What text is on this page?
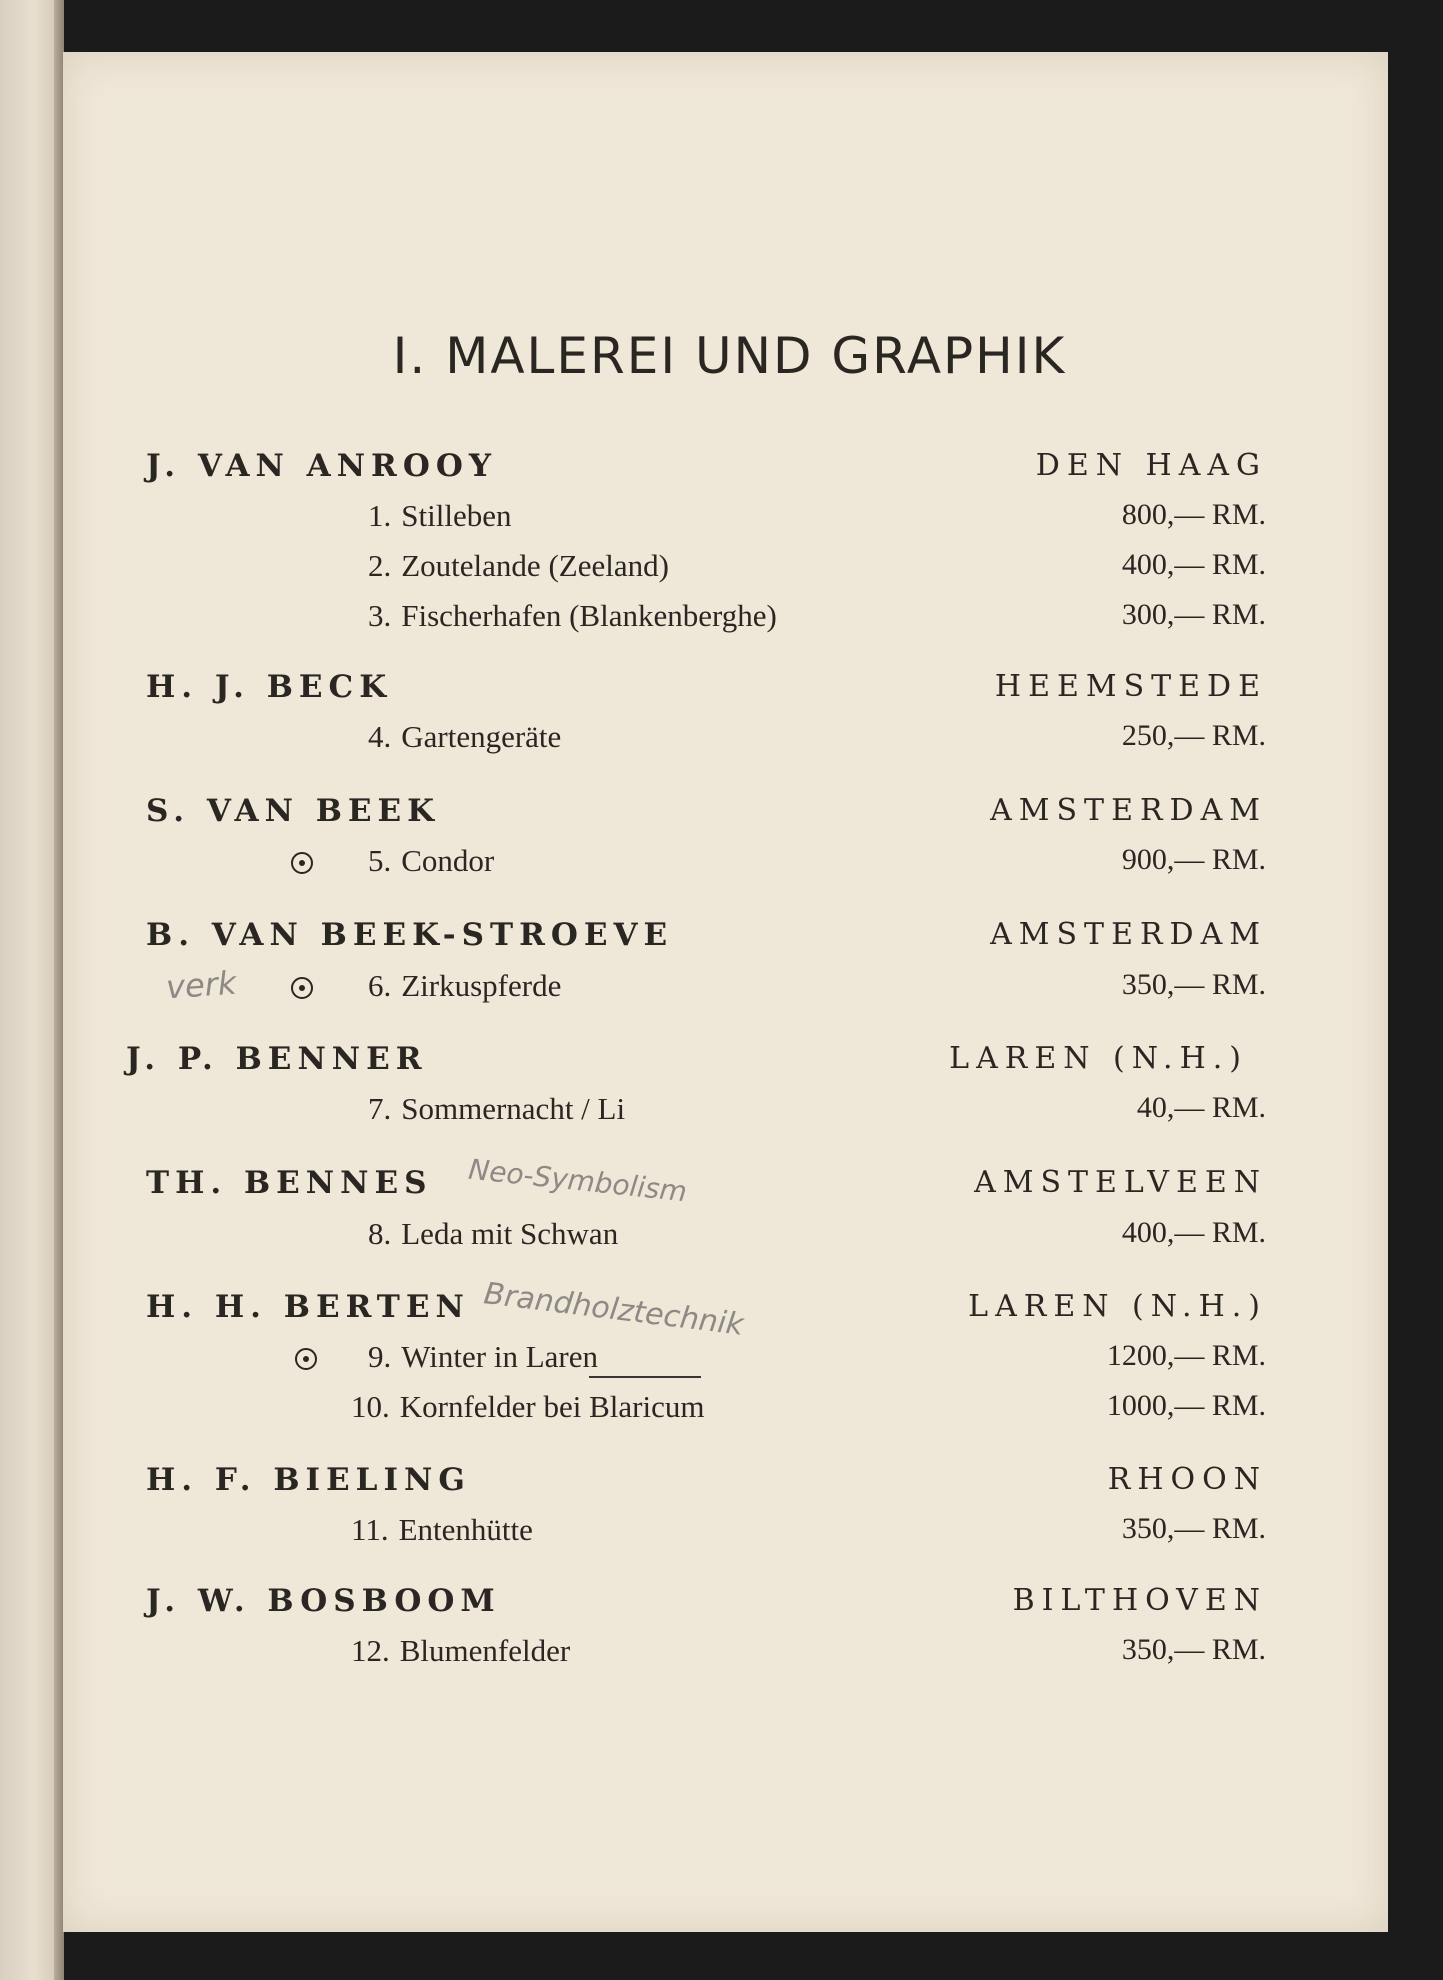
I. MALEREI UND GRAPHIK
J. VAN ANROOY	DEN HAAG
1. Stilleben	800,— RM.
2. Zoutelande (Zeeland)	400,— RM.
3. Fischerhafen (Blankenberghe)	300,— RM.
H. J. BECK	HEEMSTEDE
4. Gartengeräte	250,— RM.
S. VAN BEEK	AMSTERDAM
5. Condor	900,— RM.
B. VAN BEEK-STROEVE	AMSTERDAM
verk	6. Zirkuspferde	350,— RM.
J. P. BENNER	LAREN (N.H.)
7. Sommernacht / Li	40,— RM.
TH. BENNES	AMSTELVEEN
Neo-Symbolism
8. Leda mit Schwan	400,— RM.
H. H. BERTEN	LAREN (N.H.)
Brandholztechnik
9. Winter in Laren	1200,— RM.
10. Kornfelder bei Blaricum	1000,— RM.
H. F. BIELING	RHOON
11. Entenhütte	350,— RM.
J. W. BOSBOOM	BILTHOVEN
12. Blumenfelder	350,— RM.
